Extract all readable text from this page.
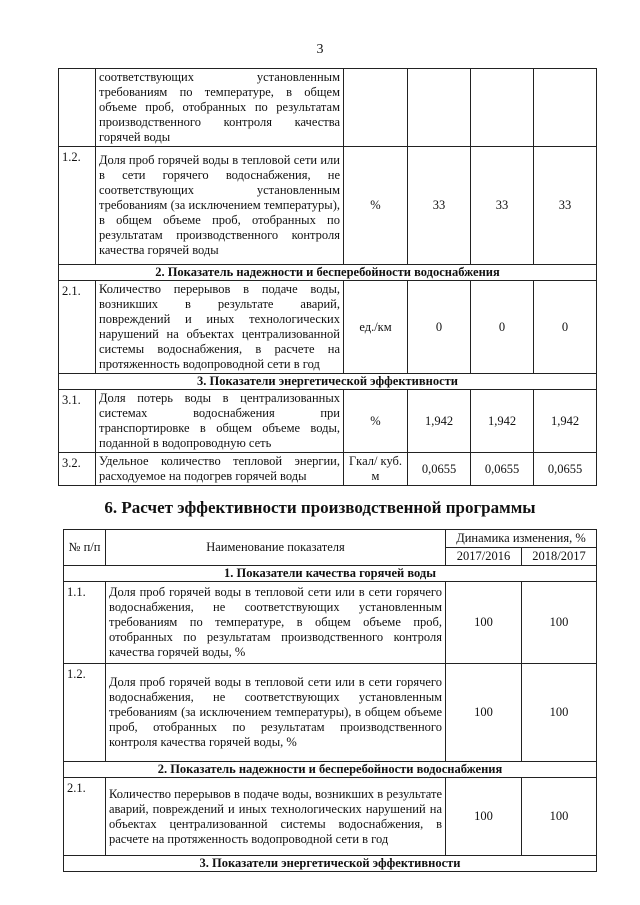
3
	соответствующих установленным требованиям по температуре, в общем объеме проб, отобранных по результатам производственного контроля качества горячей воды				
1.2.	Доля проб горячей воды в тепловой сети или в сети горячего водоснабжения, не соответствующих установленным требованиям (за исключением температуры), в общем объеме проб, отобранных по результатам производственного контроля качества горячей воды	%	33	33	33
2. Показатель надежности и бесперебойности водоснабжения					
2.1.	Количество перерывов в подаче воды, возникших в результате аварий, повреждений и иных технологических нарушений на объектах централизованной системы водоснабжения, в расчете на протяженность водопроводной сети в год	ед./км	0	0	0
3. Показатели энергетической эффективности					
3.1.	Доля потерь воды в централизованных системах водоснабжения при транспортировке в общем объеме воды, поданной в водопроводную сеть	%	1,942	1,942	1,942
3.2.	Удельное количество тепловой энергии, расходуемое на подогрев горячей воды	Гкал/ куб. м	0,0655	0,0655	0,0655
6. Расчет эффективности производственной программы
№ п/п	Наименование показателя	Динамика изменения, %	
		2017/2016	2018/2017
1. Показатели качества горячей воды			
1.1.	Доля проб горячей воды в тепловой сети или в сети горячего водоснабжения, не соответствующих установленным требованиям по температуре, в общем объеме проб, отобранных по результатам производственного контроля качества горячей воды, %	100	100
1.2.	Доля проб горячей воды в тепловой сети или в сети горячего водоснабжения, не соответствующих установленным требованиям (за исключением температуры), в общем объеме проб, отобранных по результатам производственного контроля качества горячей воды, %	100	100
2. Показатель надежности и бесперебойности водоснабжения			
2.1.	Количество перерывов в подаче воды, возникших в результате аварий, повреждений и иных технологических нарушений на объектах централизованной системы водоснабжения, в расчете на протяженность водопроводной сети в год	100	100
3. Показатели энергетической эффективности			
